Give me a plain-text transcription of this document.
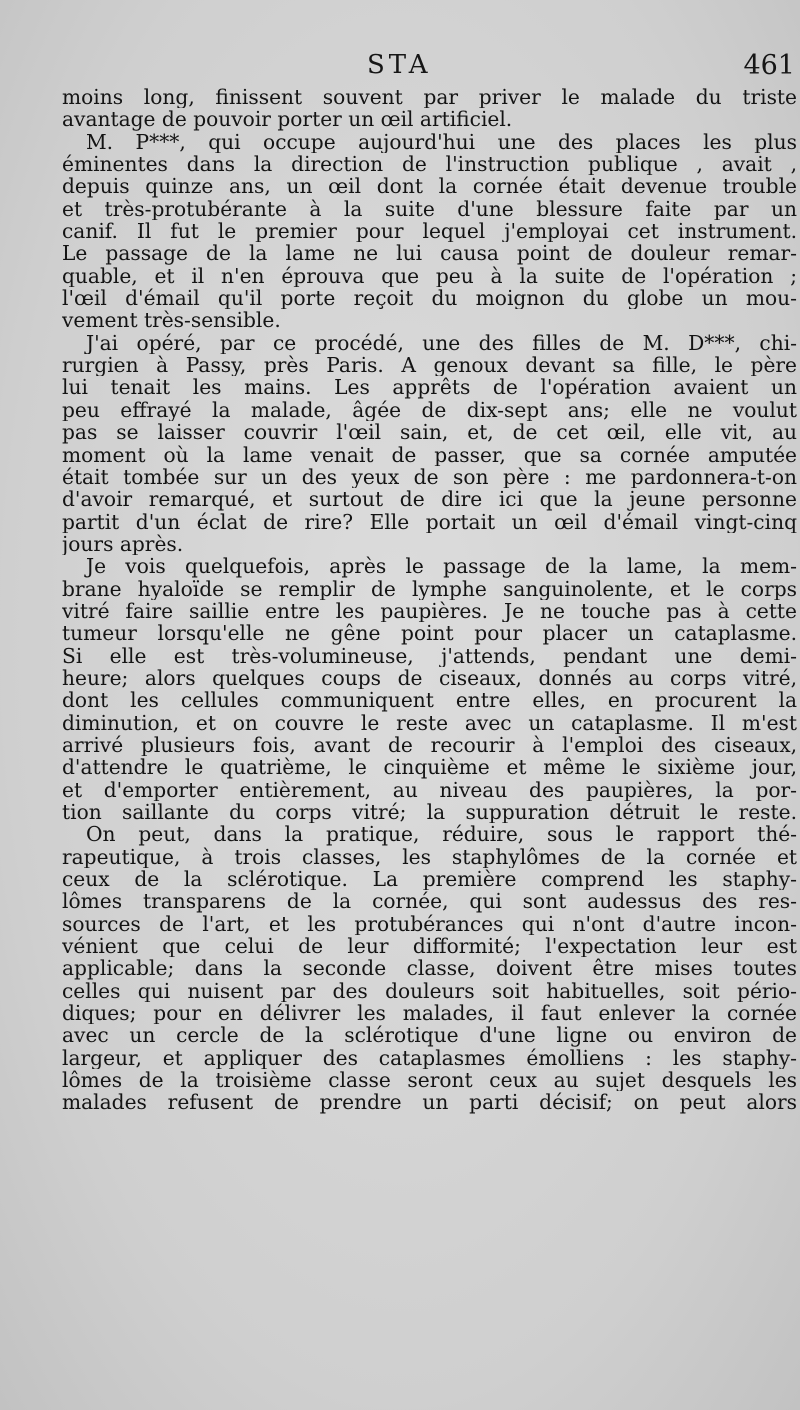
STA	461
moins long, finissent souvent par priver le malade du triste
avantage de pouvoir porter un œil artificiel.
M. P***, qui occupe aujourd'hui une des places les plus
éminentes dans la direction de l'instruction publique , avait ,
depuis quinze ans, un œil dont la cornée était devenue trouble
et très-protubérante à la suite d'une blessure faite par un
canif. Il fut le premier pour lequel j'employai cet instrument.
Le passage de la lame ne lui causa point de douleur remar-
quable, et il n'en éprouva que peu à la suite de l'opération ;
l'œil d'émail qu'il porte reçoit du moignon du globe un mou-
vement très-sensible.
J'ai opéré, par ce procédé, une des filles de M. D***, chi-
rurgien à Passy, près Paris. A genoux devant sa fille, le père
lui tenait les mains. Les apprêts de l'opération avaient un
peu effrayé la malade, âgée de dix-sept ans; elle ne voulut
pas se laisser couvrir l'œil sain, et, de cet œil, elle vit, au
moment où la lame venait de passer, que sa cornée amputée
était tombée sur un des yeux de son père : me pardonnera-t-on
d'avoir remarqué, et surtout de dire ici que la jeune personne
partit d'un éclat de rire? Elle portait un œil d'émail vingt-cinq
jours après.
Je vois quelquefois, après le passage de la lame, la mem-
brane hyaloïde se remplir de lymphe sanguinolente, et le corps
vitré faire saillie entre les paupières. Je ne touche pas à cette
tumeur lorsqu'elle ne gêne point pour placer un cataplasme.
Si elle est très-volumineuse, j'attends, pendant une demi-
heure; alors quelques coups de ciseaux, donnés au corps vitré,
dont les cellules communiquent entre elles, en procurent la
diminution, et on couvre le reste avec un cataplasme. Il m'est
arrivé plusieurs fois, avant de recourir à l'emploi des ciseaux,
d'attendre le quatrième, le cinquième et même le sixième jour,
et d'emporter entièrement, au niveau des paupières, la por-
tion saillante du corps vitré; la suppuration détruit le reste.
On peut, dans la pratique, réduire, sous le rapport thé-
rapeutique, à trois classes, les staphylômes de la cornée et
ceux de la sclérotique. La première comprend les staphy-
lômes transparens de la cornée, qui sont audessus des res-
sources de l'art, et les protubérances qui n'ont d'autre incon-
vénient que celui de leur difformité; l'expectation leur est
applicable; dans la seconde classe, doivent être mises toutes
celles qui nuisent par des douleurs soit habituelles, soit pério-
diques; pour en délivrer les malades, il faut enlever la cornée
avec un cercle de la sclérotique d'une ligne ou environ de
largeur, et appliquer des cataplasmes émolliens : les staphy-
lômes de la troisième classe seront ceux au sujet desquels les
malades refusent de prendre un parti décisif; on peut alors
